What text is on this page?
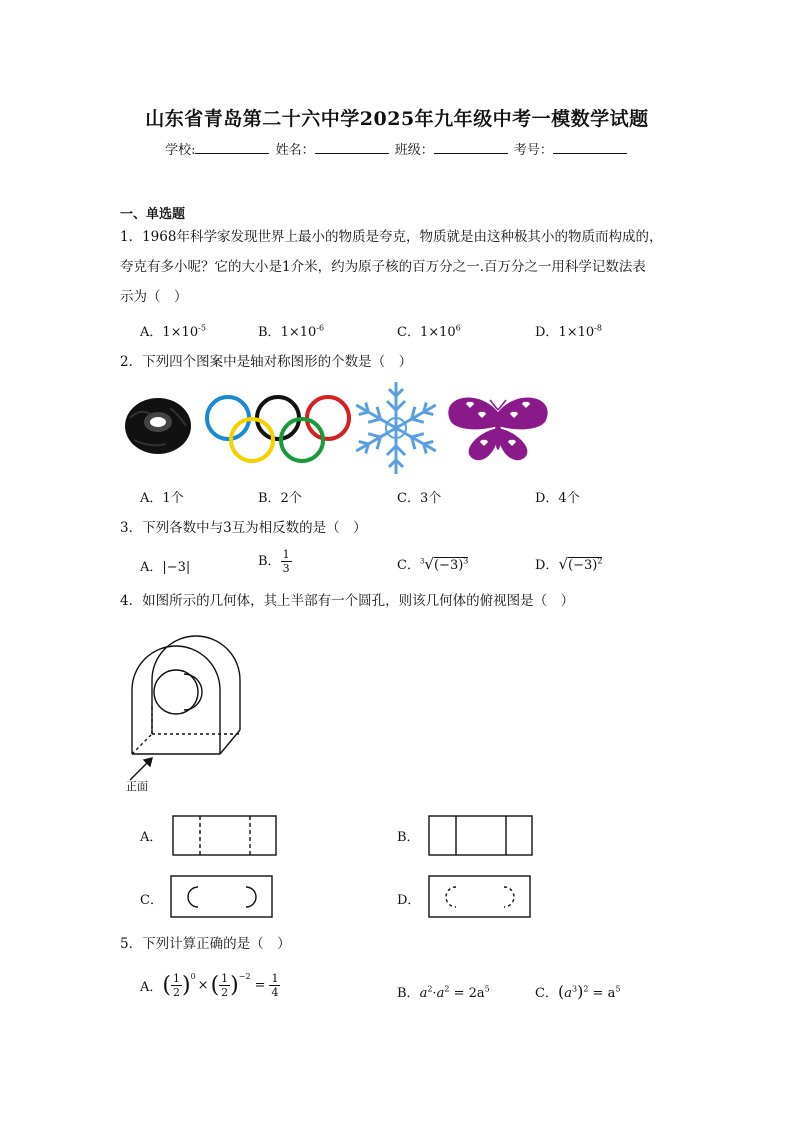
山东省青岛第二十六中学2025年九年级中考一模数学试题
学校:	姓名：	班级：	考号：
一、单选题
1．1968年科学家发现世界上最小的物质是夸克，物质就是由这种极其小的物质而构成的，
夸克有多小呢？它的大小是1介米，约为原子核的百万分之一.百万分之一用科学记数法表
示为（　）
A．$1\times 10^{-5}$	B．$1\times 10^{-6}$	C．$1\times 10^6$	D．$1\times 10^{-8}$
2．下列四个图案中是轴对称图形的个数是（　）
A．1个	B．2个	C．3个	D．4个
3．下列各数中与3互为相反数的是（　）
A．|−3|	B． $\frac{1}{3}$	C．$^3√(-3)^3$	D．$√(-3)^2$
4．如图所示的几何体，其上半部有一个圆孔，则该几何体的俯视图是（　）
正面
A．	B．
C．	D．
5．下列计算正确的是（　）
A． ( $\frac{1}{2} )^0$
× ( $\frac{1}{2} )^{-2}$
= $\frac{1}{4}$	B．$a^2\cdot a^2 = 2a^5$	C．$(a^3)^2 = a^5$
